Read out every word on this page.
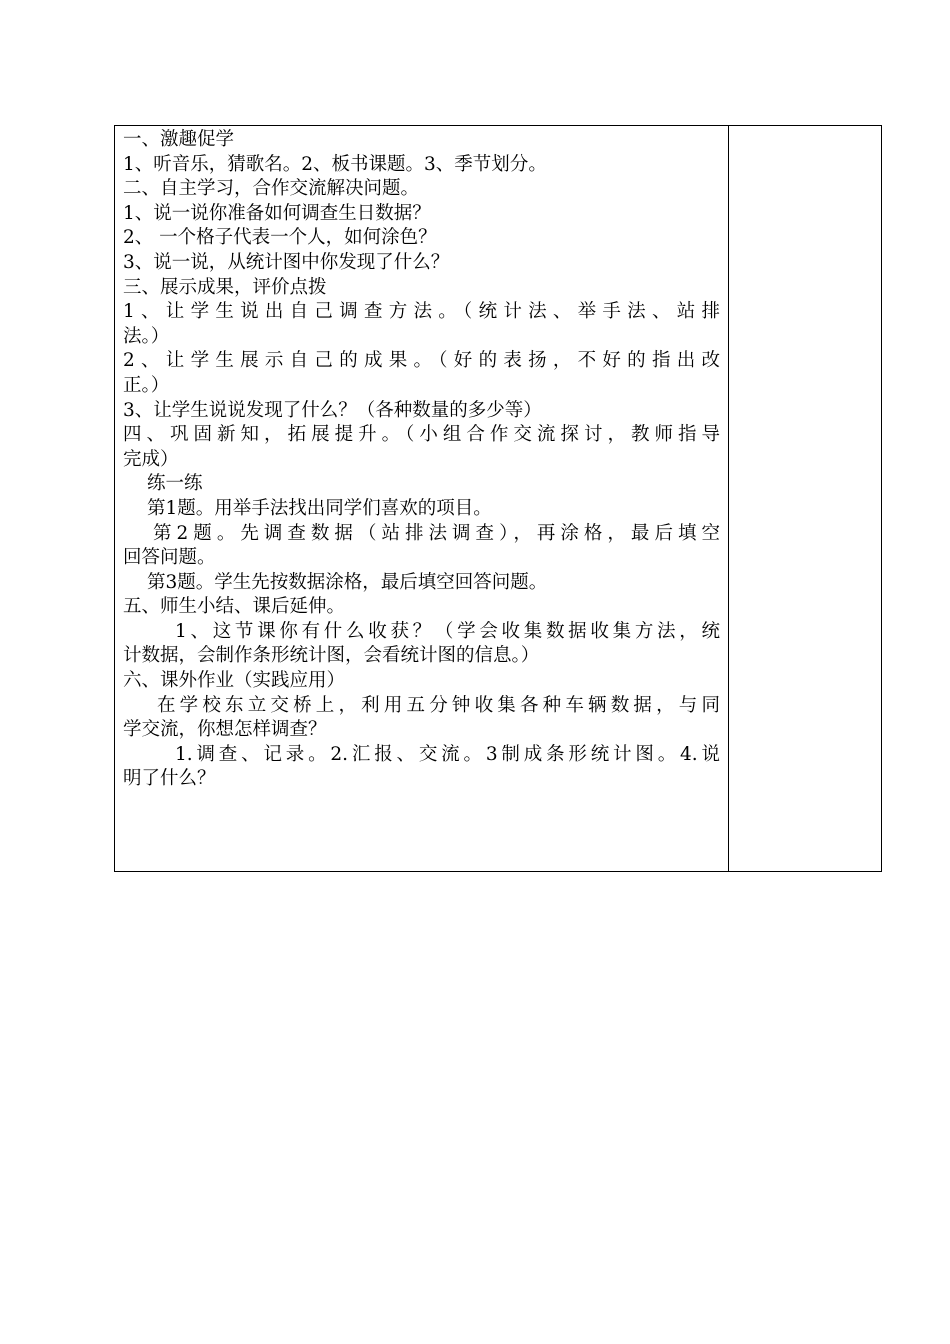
一、激趣促学
1、听音乐，猜歌名。2、板书课题。3、季节划分。
二、自主学习，合作交流解决问题。
1、说一说你准备如何调查生日数据？
2、 一个格子代表一个人，如何涂色？
3、说一说，从统计图中你发现了什么？
三、展示成果，评价点拨
1、让学生说出自己调查方法。（统计法、举手法、站排
法。）
2、让学生展示自己的成果。（好的表扬，不好的指出改
正。）
3、让学生说说发现了什么？（各种数量的多少等）
四、巩固新知，拓展提升。（小组合作交流探讨，教师指导
完成）
练一练
第1题。用举手法找出同学们喜欢的项目。
第2题。先调查数据（站排法调查），再涂格，最后填空
回答问题。
第3题。学生先按数据涂格，最后填空回答问题。
五、师生小结、课后延伸。
1、这节课你有什么收获？（学会收集数据收集方法，统
计数据，会制作条形统计图，会看统计图的信息。）
六、课外作业（实践应用）
在学校东立交桥上，利用五分钟收集各种车辆数据，与同
学交流，你想怎样调查？
1.调查、记录。2.汇报、交流。3制成条形统计图。4.说
明了什么？
